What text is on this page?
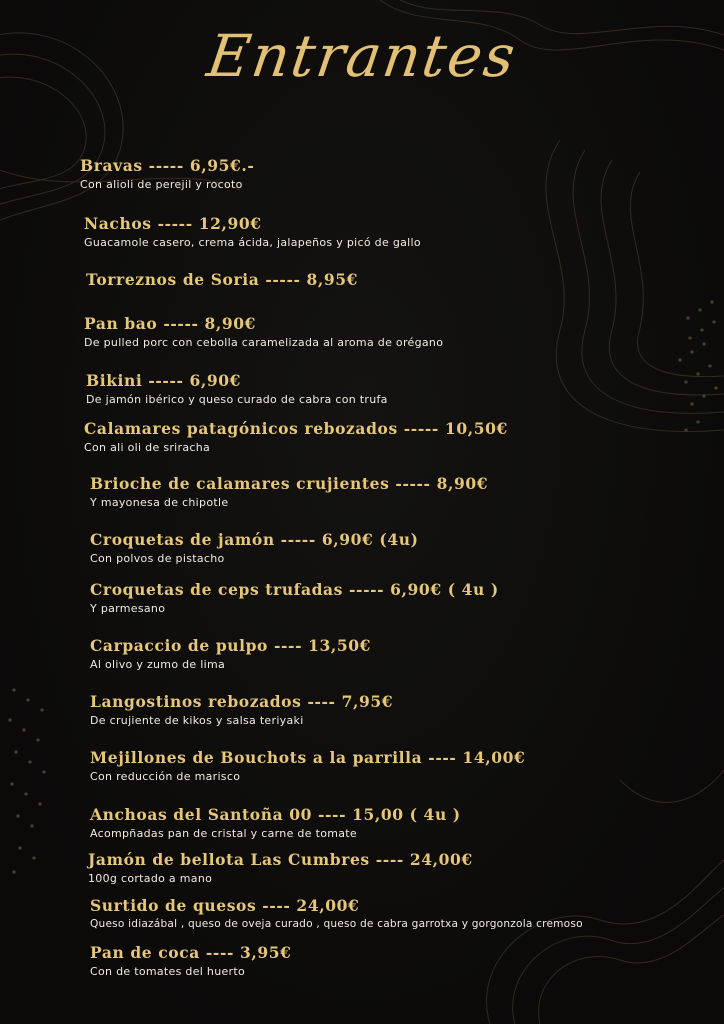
Entrantes
Bravas ----- 6,95€.-
Con alioli de perejil y rocoto
Nachos ----- 12,90€
Guacamole casero, crema ácida, jalapeños y picó de gallo
Torreznos de Soria ----- 8,95€
Pan bao ----- 8,90€
De pulled porc con cebolla caramelizada al aroma de orégano
Bikini ----- 6,90€
De jamón ibérico y queso curado de cabra con trufa
Calamares patagónicos rebozados ----- 10,50€
Con ali oli de sriracha
Brioche de calamares crujientes ----- 8,90€
Y mayonesa de chipotle
Croquetas de jamón ----- 6,90€ (4u)
Con polvos de pistacho
Croquetas de ceps trufadas ----- 6,90€ ( 4u )
Y parmesano
Carpaccio de pulpo ---- 13,50€
Al olivo y zumo de lima
Langostinos rebozados ---- 7,95€
De crujiente de kikos y salsa teriyaki
Mejillones de Bouchots a la parrilla ---- 14,00€
Con reducción de marisco
Anchoas del Santoña 00 ---- 15,00 ( 4u )
Acompñadas pan de cristal y carne de tomate
Jamón de bellota Las Cumbres ---- 24,00€
100g cortado a mano
Surtido de quesos ---- 24,00€
Queso idiazábal , queso de oveja curado , queso de cabra garrotxa y gorgonzola cremoso
Pan de coca ---- 3,95€
Con de tomates del huerto
